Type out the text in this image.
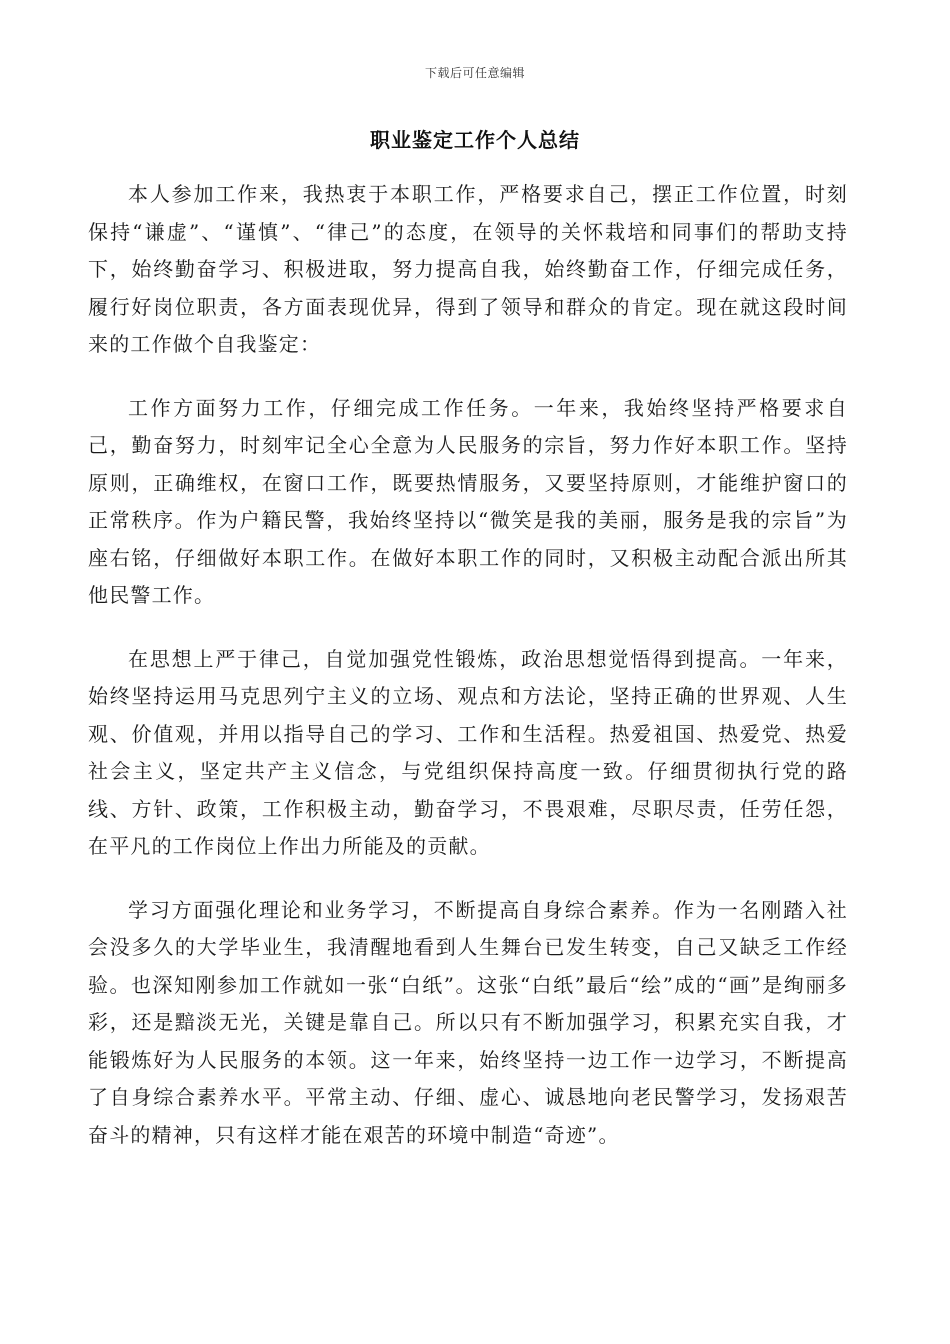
下载后可任意编辑
职业鉴定工作个人总结

本人参加工作来，我热衷于本职工作，严格要求自己，摆正工作位置，时刻保持“谦虚”、“谨慎”、“律己”的态度，在领导的关怀栽培和同事们的帮助支持下，始终勤奋学习、积极进取，努力提高自我，始终勤奋工作，仔细完成任务，履行好岗位职责，各方面表现优异，得到了领导和群众的肯定。现在就这段时间来的工作做个自我鉴定：

工作方面努力工作，仔细完成工作任务。一年来，我始终坚持严格要求自己，勤奋努力，时刻牢记全心全意为人民服务的宗旨，努力作好本职工作。坚持原则，正确维权，在窗口工作，既要热情服务，又要坚持原则，才能维护窗口的正常秩序。作为户籍民警，我始终坚持以“微笑是我的美丽，服务是我的宗旨”为座右铭，仔细做好本职工作。在做好本职工作的同时，又积极主动配合派出所其他民警工作。

在思想上严于律己，自觉加强党性锻炼，政治思想觉悟得到提高。一年来，始终坚持运用马克思列宁主义的立场、观点和方法论，坚持正确的世界观、人生观、价值观，并用以指导自己的学习、工作和生活程。热爱祖国、热爱党、热爱社会主义，坚定共产主义信念，与党组织保持高度一致。仔细贯彻执行党的路线、方针、政策，工作积极主动，勤奋学习，不畏艰难，尽职尽责，任劳任怨，在平凡的工作岗位上作出力所能及的贡献。

学习方面强化理论和业务学习，不断提高自身综合素养。作为一名刚踏入社会没多久的大学毕业生，我清醒地看到人生舞台已发生转变，自己又缺乏工作经验。也深知刚参加工作就如一张“白纸”。这张“白纸”最后“绘”成的“画”是绚丽多彩，还是黯淡无光，关键是靠自己。所以只有不断加强学习，积累充实自我，才能锻炼好为人民服务的本领。这一年来，始终坚持一边工作一边学习，不断提高了自身综合素养水平。平常主动、仔细、虚心、诚恳地向老民警学习，发扬艰苦奋斗的精神，只有这样才能在艰苦的环境中制造“奇迹”。
